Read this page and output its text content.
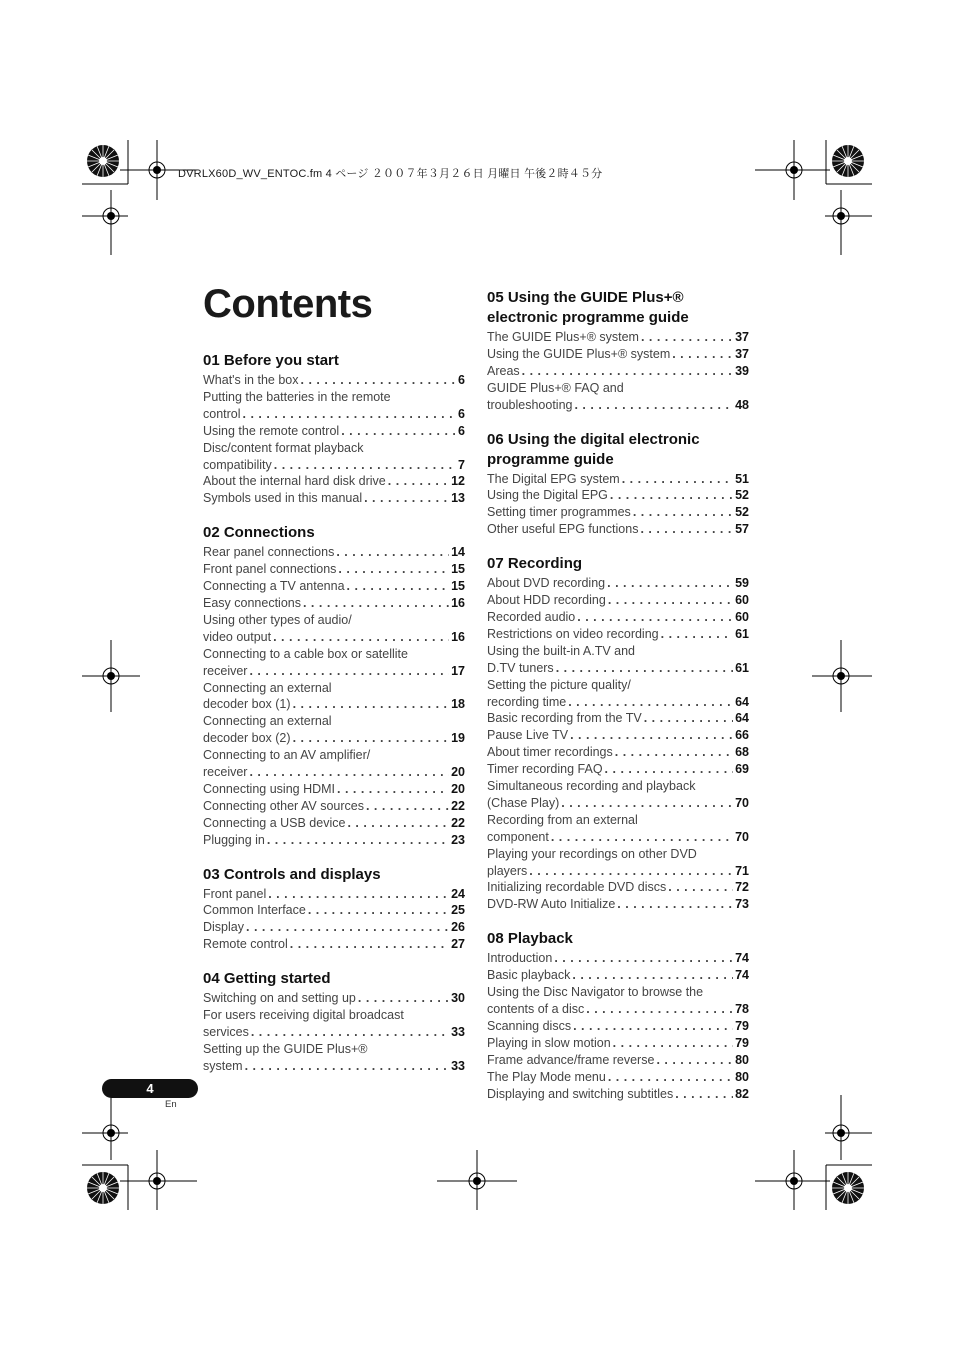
DVRLX60D_WV_ENTOC.fm 4 ページ ２００７年３月２６日 月曜日 午後２時４５分
Contents
01 Before you start
What's in the box . . .	6
Putting the batteries in the remote
control . . .	6
Using the remote control . . .	6
Disc/content format playback
compatibility . . .	7
About the internal hard disk drive . . .	12
Symbols used in this manual . . .	13
02 Connections
Rear panel connections . . .	14
Front panel connections . . .	15
Connecting a TV antenna . . .	15
Easy connections . . .	16
Using other types of audio/
video output . . .	16
Connecting to a cable box or satellite
receiver . . .	17
Connecting an external
decoder box (1) . . .	18
Connecting an external
decoder box (2) . . .	19
Connecting to an AV amplifier/
receiver . . .	20
Connecting using HDMI . . .	20
Connecting other AV sources . . .	22
Connecting a USB device . . .	22
Plugging in . . .	23
03 Controls and displays
Front panel . . .	24
Common Interface . . .	25
Display . . .	26
Remote control . . .	27
04 Getting started
Switching on and setting up . . .	30
For users receiving digital broadcast
services . . .	33
Setting up the GUIDE Plus+®
system . . .	33
05 Using the GUIDE Plus+® electronic programme guide
The GUIDE Plus+® system . . .	37
Using the GUIDE Plus+® system . . .	37
Areas . . .	39
GUIDE Plus+® FAQ and
troubleshooting . . .	48
06 Using the digital electronic programme guide
The Digital EPG system . . .	51
Using the Digital EPG . . .	52
Setting timer programmes . . .	52
Other useful EPG functions . . .	57
07 Recording
About DVD recording . . .	59
About HDD recording . . .	60
Recorded audio . . .	60
Restrictions on video recording . . .	61
Using the built-in A.TV and
D.TV tuners . . .	61
Setting the picture quality/
recording time . . .	64
Basic recording from the TV . . .	64
Pause Live TV . . .	66
About timer recordings . . .	68
Timer recording FAQ . . .	69
Simultaneous recording and playback
(Chase Play) . . .	70
Recording from an external
component . . .	70
Playing your recordings on other DVD
players . . .	71
Initializing recordable DVD discs . . .	72
DVD-RW Auto Initialize . . .	73
08 Playback
Introduction . . .	74
Basic playback . . .	74
Using the Disc Navigator to browse the
contents of a disc . . .	78
Scanning discs . . .	79
Playing in slow motion . . .	79
Frame advance/frame reverse . . .	80
The Play Mode menu . . .	80
Displaying and switching subtitles . . .	82
4
En
